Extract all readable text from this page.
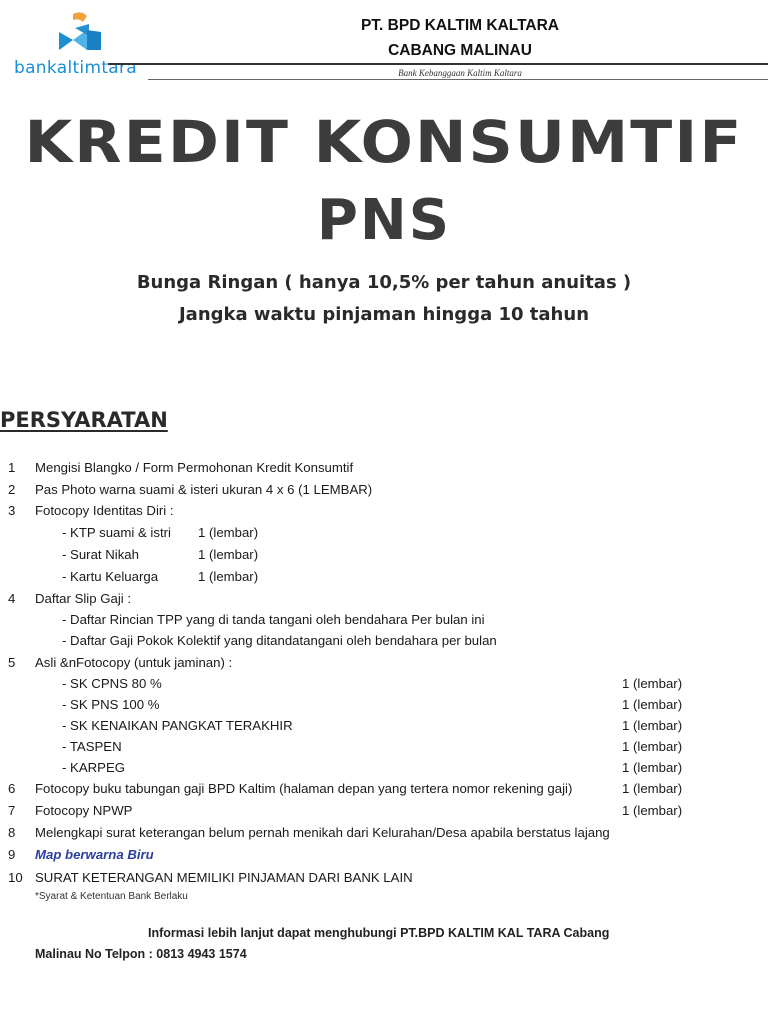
bankaltimtara
PT. BPD KALTIM KALTARA
CABANG MALINAU
Bank Kebanggaan Kaltim Kaltara
KREDIT KONSUMTIF
PNS
Bunga Ringan ( hanya 10,5% per tahun anuitas )
Jangka waktu pinjaman hingga 10 tahun
PERSYARATAN
1 Mengisi Blangko / Form Permohonan Kredit Konsumtif
2 Pas Photo warna suami & isteri ukuran 4 x 6 (1 LEMBAR)
3 Fotocopy Identitas Diri :
- KTP suami & istri 1 (lembar)
- Surat Nikah	1 (lembar)
- Kartu Keluarga	1 (lembar)
4 Daftar Slip Gaji :
- Daftar Rincian TPP yang di tanda tangani oleh bendahara Per bulan ini
- Daftar Gaji Pokok Kolektif yang ditandatangani oleh bendahara per bulan
5 Asli &nFotocopy (untuk jaminan) :
- SK CPNS 80 %	1 (lembar)
- SK PNS 100 %	1 (lembar)
- SK KENAIKAN PANGKAT TERAKHIR	1 (lembar)
- TASPEN	1 (lembar)
- KARPEG	1 (lembar)
6 Fotocopy buku tabungan gaji BPD Kaltim (halaman depan yang tertera nomor rekening gaji)	1 (lembar)
7 Fotocopy NPWP	1 (lembar)
8 Melengkapi surat keterangan belum pernah menikah dari Kelurahan/Desa apabila berstatus lajang
9 Map berwarna Biru
10 SURAT KETERANGAN MEMILIKI PINJAMAN DARI BANK LAIN
*Syarat & Ketentuan Bank Berlaku
Informasi lebih lanjut dapat menghubungi PT.BPD KALTIM KAL TARA Cabang
Malinau No Telpon : 0813 4943 1574
